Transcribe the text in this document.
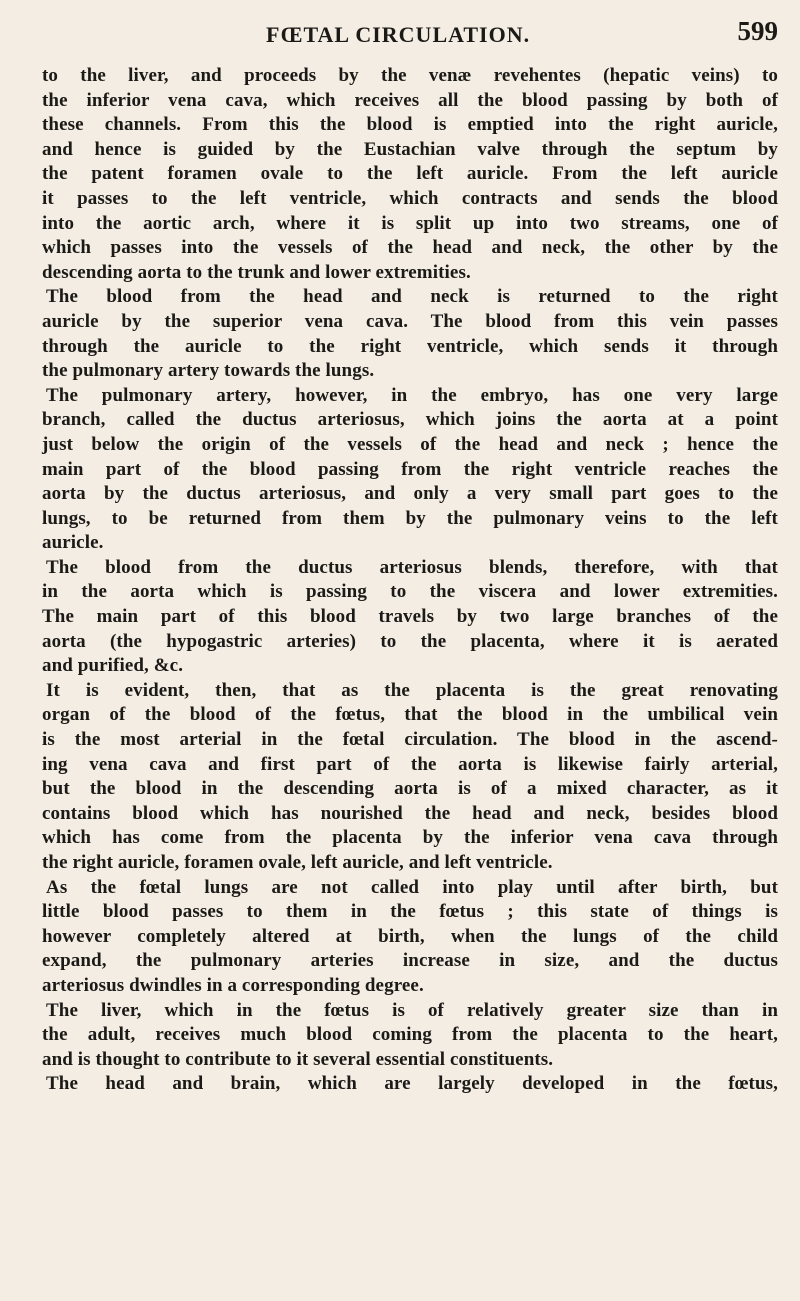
FŒTAL CIRCULATION.	599
to the liver, and proceeds by the venæ revehentes (hepatic veins) to
the inferior vena cava, which receives all the blood passing by both of
these channels. From this the blood is emptied into the right auricle,
and hence is guided by the Eustachian valve through the septum by
the patent foramen ovale to the left auricle. From the left auricle
it passes to the left ventricle, which contracts and sends the blood
into the aortic arch, where it is split up into two streams, one of
which passes into the vessels of the head and neck, the other by the
descending aorta to the trunk and lower extremities.
The blood from the head and neck is returned to the right
auricle by the superior vena cava. The blood from this vein passes
through the auricle to the right ventricle, which sends it through
the pulmonary artery towards the lungs.
The pulmonary artery, however, in the embryo, has one very large
branch, called the ductus arteriosus, which joins the aorta at a point
just below the origin of the vessels of the head and neck ; hence the
main part of the blood passing from the right ventricle reaches the
aorta by the ductus arteriosus, and only a very small part goes to the
lungs, to be returned from them by the pulmonary veins to the left
auricle.
The blood from the ductus arteriosus blends, therefore, with that
in the aorta which is passing to the viscera and lower extremities.
The main part of this blood travels by two large branches of the
aorta (the hypogastric arteries) to the placenta, where it is aerated
and purified, &c.
It is evident, then, that as the placenta is the great renovating
organ of the blood of the fœtus, that the blood in the umbilical vein
is the most arterial in the fœtal circulation. The blood in the ascend-
ing vena cava and first part of the aorta is likewise fairly arterial,
but the blood in the descending aorta is of a mixed character, as it
contains blood which has nourished the head and neck, besides blood
which has come from the placenta by the inferior vena cava through
the right auricle, foramen ovale, left auricle, and left ventricle.
As the fœtal lungs are not called into play until after birth, but
little blood passes to them in the fœtus ; this state of things is
however completely altered at birth, when the lungs of the child
expand, the pulmonary arteries increase in size, and the ductus
arteriosus dwindles in a corresponding degree.
The liver, which in the fœtus is of relatively greater size than in
the adult, receives much blood coming from the placenta to the heart,
and is thought to contribute to it several essential constituents.
The head and brain, which are largely developed in the fœtus,
